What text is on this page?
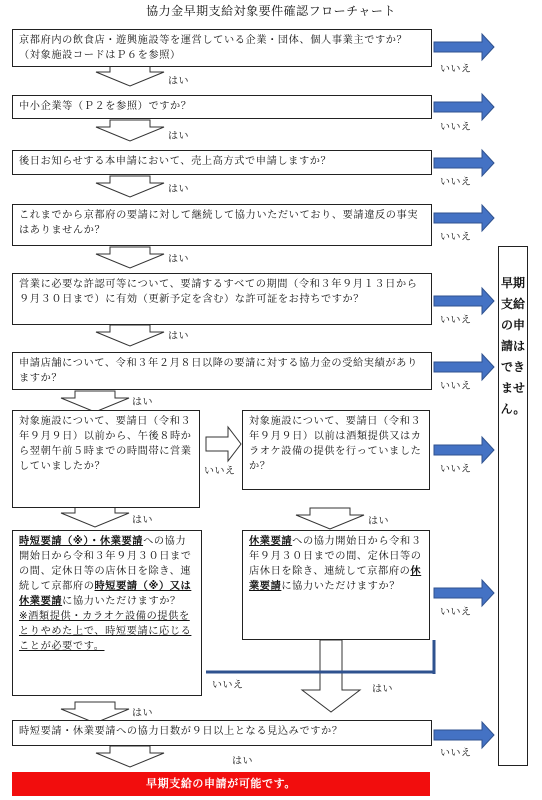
協力金早期支給対象要件確認フローチャート
京都府内の飲食店・遊興施設等を運営している企業・団体、個人事業主ですか？（対象施設コードはＰ６を参照）
中小企業等（Ｐ２を参照）ですか？
後日お知らせする本申請において、売上高方式で申請しますか？
これまでから京都府の要請に対して継続して協力いただいており、要請違反の事実はありませんか？
営業に必要な許認可等について、要請するすべての期間（令和３年９月１３日から９月３０日まで）に有効（更新予定を含む）な許可証をお持ちですか？
申請店舗について、令和３年２月８日以降の要請に対する協力金の受給実績がありますか？
対象施設について、要請日（令和３年９月９日）以前から、午後８時から翌朝午前５時までの時間帯に営業していましたか？
対象施設について、要請日（令和３年９月９日）以前は酒類提供又はカラオケ設備の提供を行っていましたか？
時短要請（※）・休業要請への協力開始日から令和３年９月３０日までの間、定休日等の店休日を除き、連続して京都府の時短要請（※）又は休業要請に協力いただけますか？
※酒類提供・カラオケ設備の提供をとりやめた上で、時短要請に応じることが必要です。
休業要請への協力開始日から令和３年９月３０日までの間、定休日等の店休日を除き、連続して京都府の休業要請に協力いただけますか？
時短要請・休業要請への協力日数が９日以上となる見込みですか？
はい
はい
はい
はい
はい
はい
はい	はい
はい
はい
はい
いいえ
いいえ
いいえ
いいえ
いいえ
いいえ
いいえ	いいえ
いいえ
いいえ
いいえ
早期支給の申請はできません。
早期支給の申請が可能です。
